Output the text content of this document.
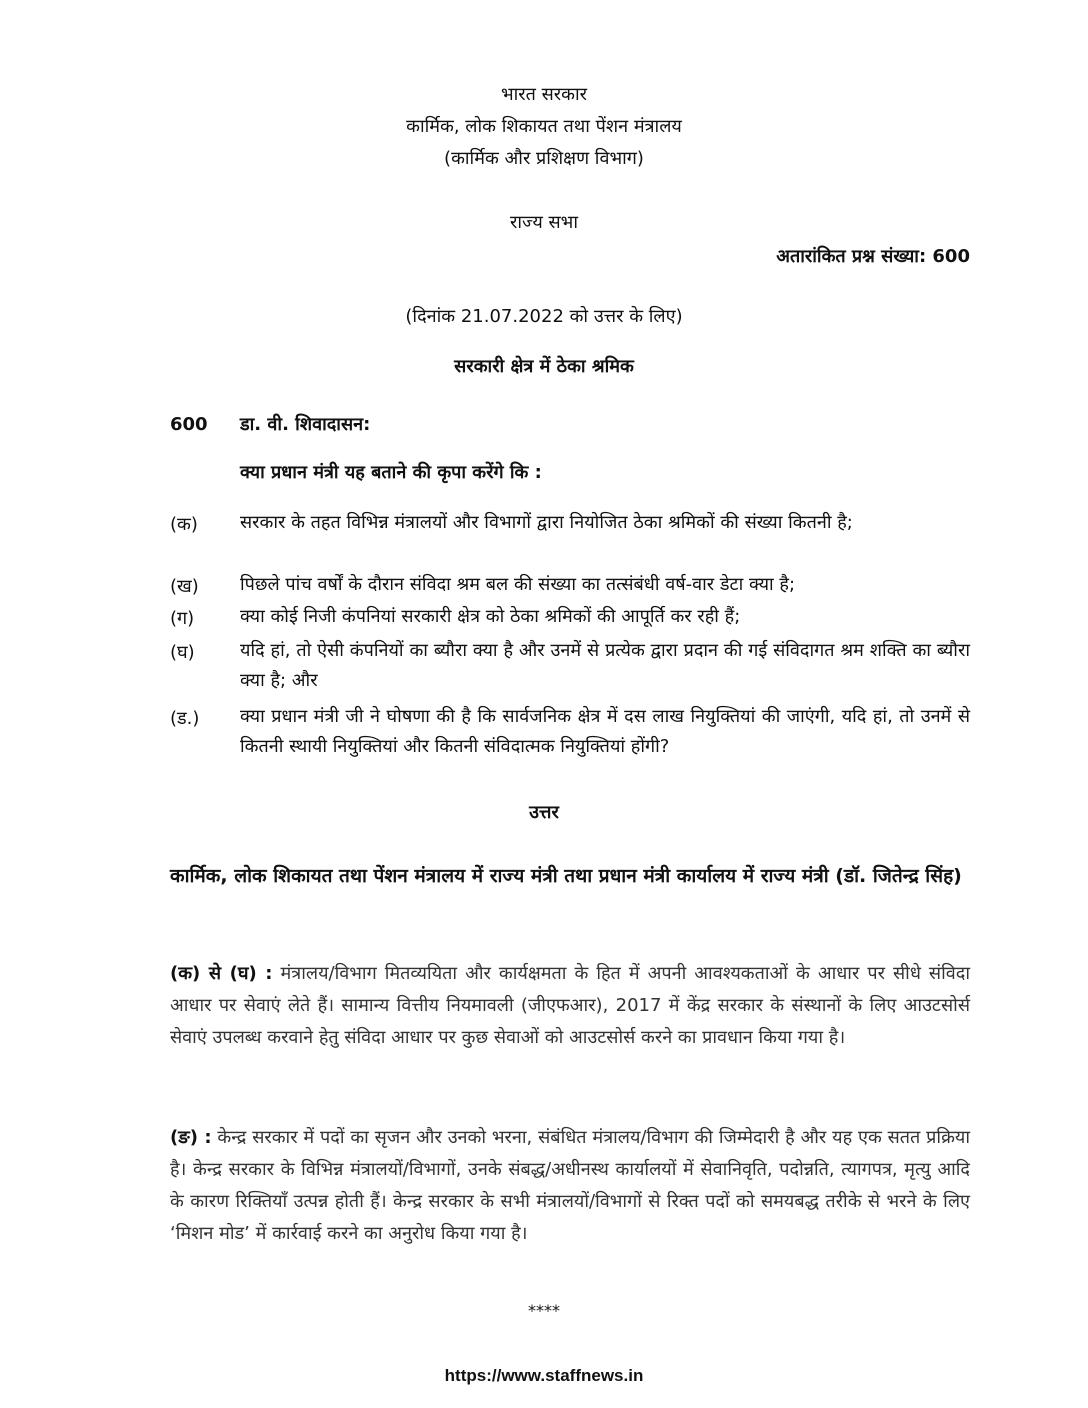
भारत सरकार
कार्मिक, लोक शिकायत तथा पेंशन मंत्रालय
(कार्मिक और प्रशिक्षण विभाग)
राज्य सभा
अतारांकित प्रश्न संख्या: 600
(दिनांक 21.07.2022 को उत्तर के लिए)
सरकारी क्षेत्र में ठेका श्रमिक
600 डा. वी. शिवादासन:
क्या प्रधान मंत्री यह बताने की कृपा करेंगे कि :
(क) सरकार के तहत विभिन्न मंत्रालयों और विभागों द्वारा नियोजित ठेका श्रमिकों की संख्या कितनी है;
(ख) पिछले पांच वर्षों के दौरान संविदा श्रम बल की संख्या का तत्संबंधी वर्ष-वार डेटा क्या है;
(ग)	क्या कोई निजी कंपनियां सरकारी क्षेत्र को ठेका श्रमिकों की आपूर्ति कर रही हैं;
(घ)	यदि हां, तो ऐसी कंपनियों का ब्यौरा क्या है और उनमें से प्रत्येक द्वारा प्रदान की गई संविदागत श्रम शक्ति का ब्यौरा क्या है; और
(ड.) क्या प्रधान मंत्री जी ने घोषणा की है कि सार्वजनिक क्षेत्र में दस लाख नियुक्तियां की जाएंगी, यदि हां, तो उनमें से कितनी स्थायी नियुक्तियां और कितनी संविदात्मक नियुक्तियां होंगी?
उत्तर
कार्मिक, लोक शिकायत तथा पेंशन मंत्रालय में राज्य मंत्री तथा प्रधान मंत्री कार्यालय में राज्य मंत्री (डॉ. जितेन्द्र सिंह)
(क) से (घ) : मंत्रालय/विभाग मितव्ययिता और कार्यक्षमता के हित में अपनी आवश्यकताओं के आधार पर सीधे संविदा आधार पर सेवाएं लेते हैं। सामान्य वित्तीय नियमावली (जीएफआर), 2017 में केंद्र सरकार के संस्थानों के लिए आउटसोर्स सेवाएं उपलब्ध करवाने हेतु संविदा आधार पर कुछ सेवाओं को आउटसोर्स करने का प्रावधान किया गया है।
(ङ) : केन्द्र सरकार में पदों का सृजन और उनको भरना, संबंधित मंत्रालय/विभाग की जिम्मेदारी है और यह एक सतत प्रक्रिया है। केन्द्र सरकार के विभिन्न मंत्रालयों/विभागों, उनके संबद्ध/अधीनस्थ कार्यालयों में सेवानिवृति, पदोन्नति, त्यागपत्र, मृत्यु आदि के कारण रिक्तियाँ उत्पन्न होती हैं। केन्द्र सरकार के सभी मंत्रालयों/विभागों से रिक्त पदों को समयबद्ध तरीके से भरने के लिए ‘मिशन मोड’ में कार्रवाई करने का अनुरोध किया गया है।
****
https://www.staffnews.in
